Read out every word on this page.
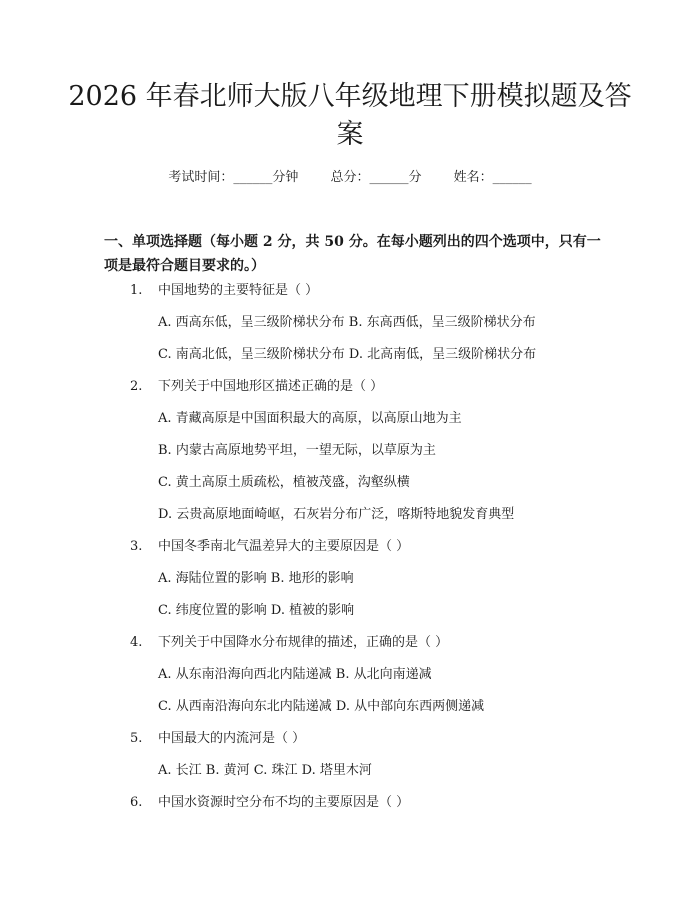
2026 年春北师大版八年级地理下册模拟题及答案
考试时间：______分钟 总分：______分 姓名：______

一、单项选择题（每小题 2 分，共 50 分。在每小题列出的四个选项中，只有一项是最符合题目要求的。）

1. 中国地势的主要特征是（ ）
A. 西高东低，呈三级阶梯状分布 B. 东高西低，呈三级阶梯状分布
C. 南高北低，呈三级阶梯状分布 D. 北高南低，呈三级阶梯状分布
2. 下列关于中国地形区描述正确的是（ ）
A. 青藏高原是中国面积最大的高原，以高原山地为主
B. 内蒙古高原地势平坦，一望无际，以草原为主
C. 黄土高原土质疏松，植被茂盛，沟壑纵横
D. 云贵高原地面崎岖，石灰岩分布广泛，喀斯特地貌发育典型
3. 中国冬季南北气温差异大的主要原因是（ ）
A. 海陆位置的影响 B. 地形的影响
C. 纬度位置的影响 D. 植被的影响
4. 下列关于中国降水分布规律的描述，正确的是（ ）
A. 从东南沿海向西北内陆递减 B. 从北向南递减
C. 从西南沿海向东北内陆递减 D. 从中部向东西两侧递减
5. 中国最大的内流河是（ ）
A. 长江 B. 黄河 C. 珠江 D. 塔里木河
6. 中国水资源时空分布不均的主要原因是（ ）
